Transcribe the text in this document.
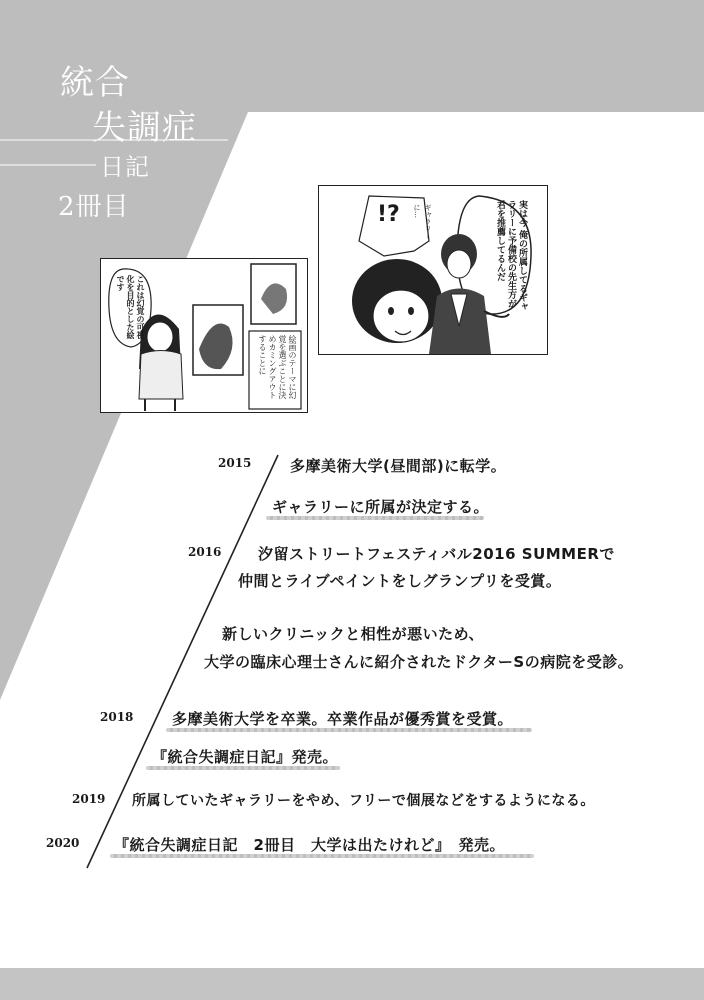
統合
失調症
日記
2冊目	実は今 俺の所属してるギャラリーに予備校の先生方が君を推薦してるんだ
!?	ギャラリーに…
これは幻覚の可視化を目的とした絵です
絵画のテーマに幻覚を選ぶことに決めカミングアウトすることに
2015	多摩美術大学(昼間部)に転学。
ギャラリーに所属が決定する。
2016 汐留ストリートフェスティバル2016 SUMMERで
仲間とライブペイントをしグランプリを受賞。
新しいクリニックと相性が悪いため、
大学の臨床心理士さんに紹介されたドクターSの病院を受診。
2018	多摩美術大学を卒業。卒業作品が優秀賞を受賞。
『統合失調症日記』発売。
2019 所属していたギャラリーをやめ、フリーで個展などをするようになる。
2020 『統合失調症日記　2冊目　大学は出たけれど』　発売。
